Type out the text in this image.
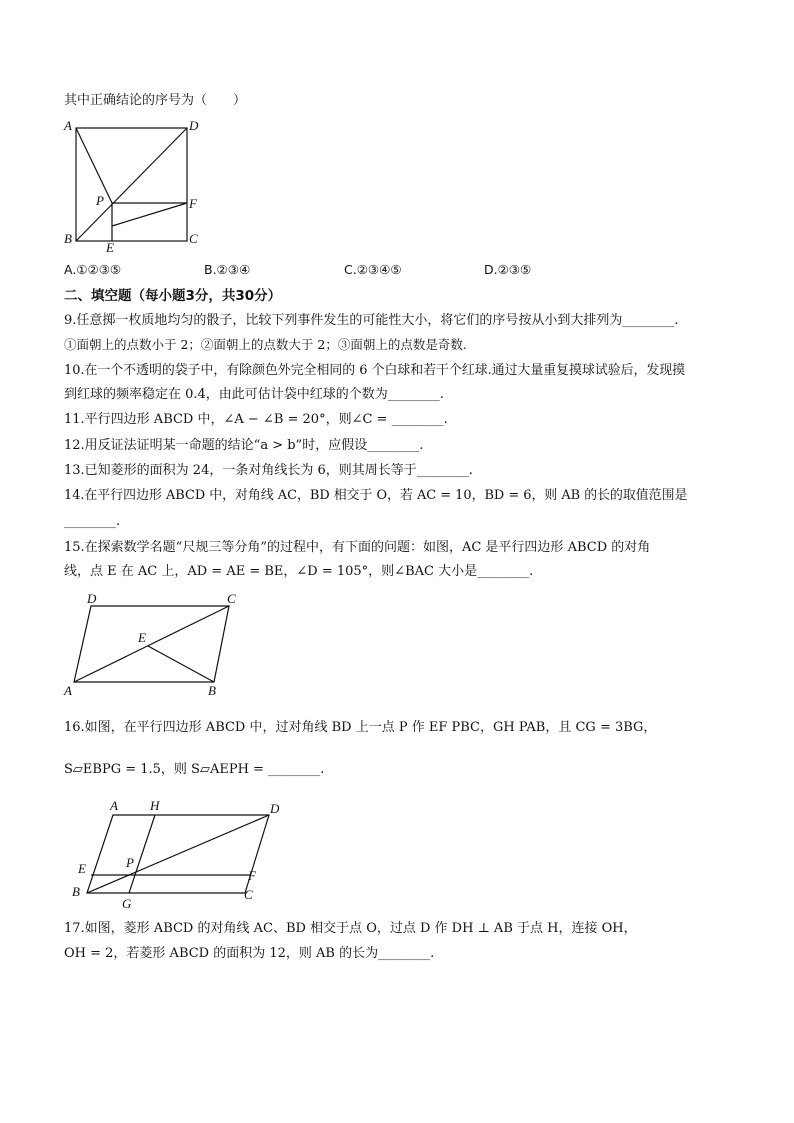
其中正确结论的序号为（　　）
A	D
P	F
B
E
C
A.①②③⑤	B.②③④	C.②③④⑤	D.②③⑤
二、填空题（每小题3分，共30分）
9.任意掷一枚质地均匀的骰子，比较下列事件发生的可能性大小，将它们的序号按从小到大排列为________.
①面朝上的点数小于 2；②面朝上的点数大于 2；③面朝上的点数是奇数.
10.在一个不透明的袋子中，有除颜色外完全相同的 6 个白球和若干个红球.通过大量重复摸球试验后，发现摸
到红球的频率稳定在 0.4，由此可估计袋中红球的个数为________.
11.平行四边形 ABCD 中，∠A − ∠B = 20°，则∠C = ________.
12.用反证法证明某一命题的结论“a > b”时，应假设________.
13.已知菱形的面积为 24，一条对角线长为 6，则其周长等于________.
14.在平行四边形 ABCD 中，对角线 AC，BD 相交于 O，若 AC = 10，BD = 6，则 AB 的长的取值范围是
________.
15.在探索数学名题“尺规三等分角”的过程中，有下面的问题：如图，AC 是平行四边形 ABCD 的对角
线，点 E 在 AC 上，AD = AE = BE，∠D = 105°，则∠BAC 大小是________.
D	C
E
A	B
16.如图，在平行四边形 ABCD 中，过对角线 BD 上一点 P 作 EF PBC，GH PAB，且 CG = 3BG，
S▱EBPG = 1.5，则 S▱AEPH = ________.
A H	D
E	P
F
B
G
C
17.如图，菱形 ABCD 的对角线 AC、BD 相交于点 O，过点 D 作 DH ⊥ AB 于点 H，连接 OH，
OH = 2，若菱形 ABCD 的面积为 12，则 AB 的长为________.
